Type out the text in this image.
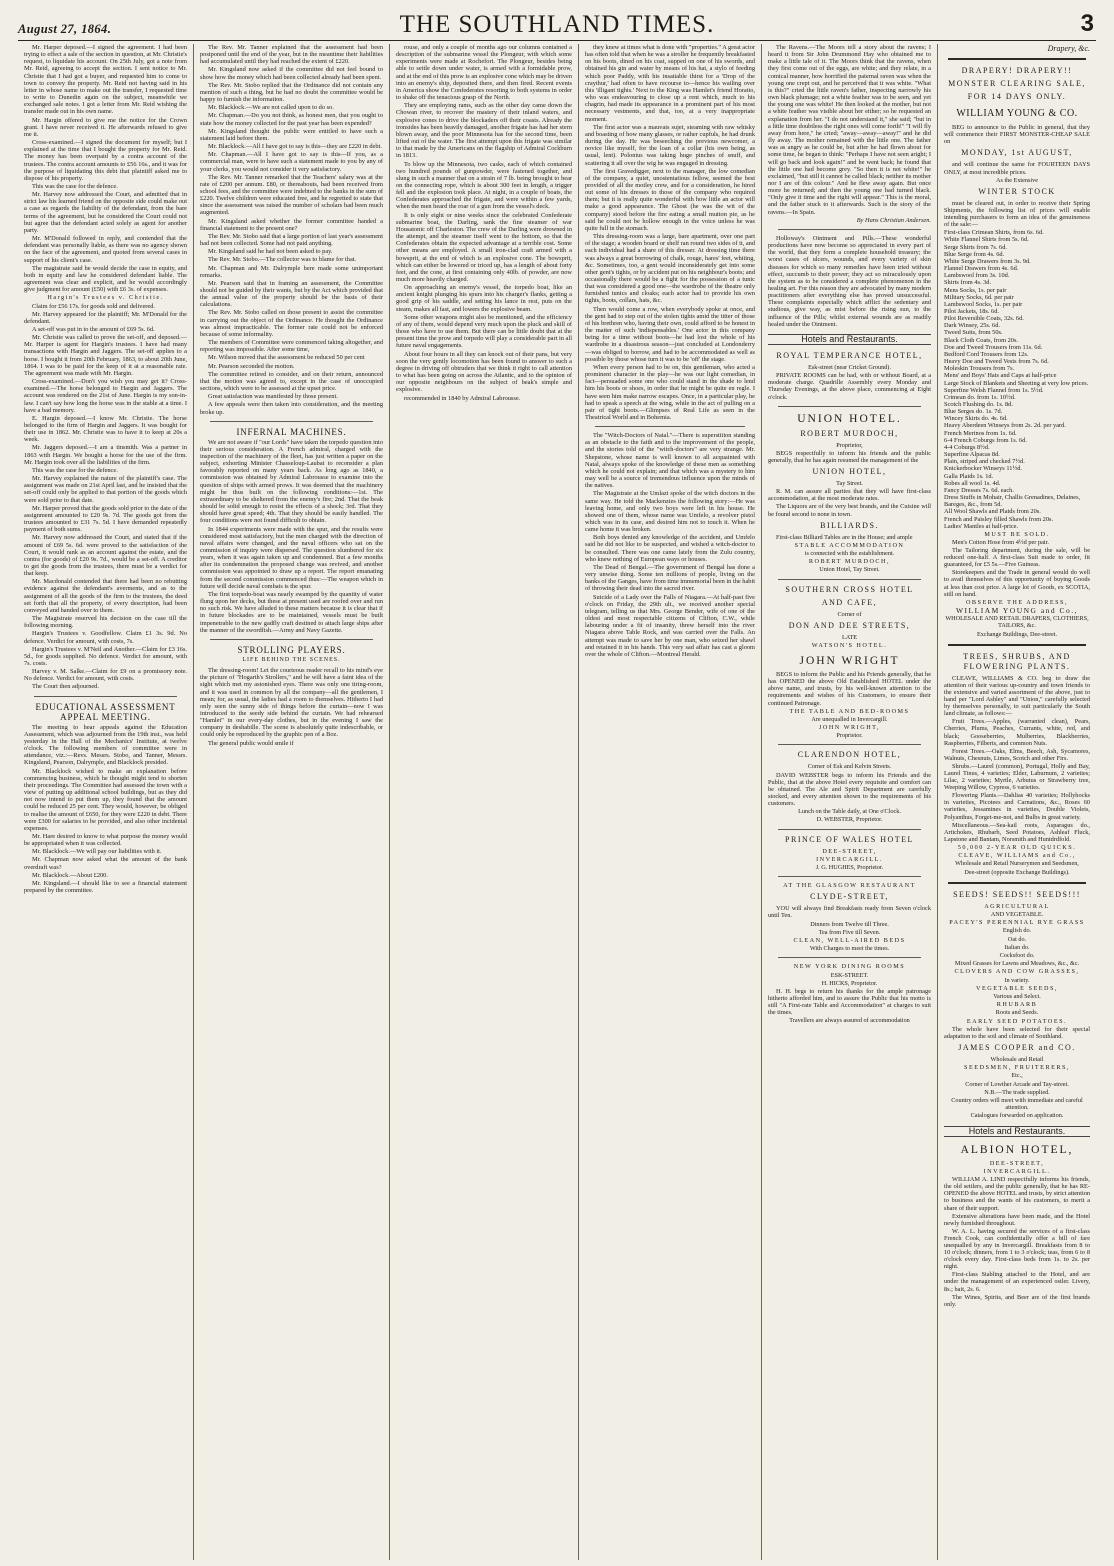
August 27, 1864.	THE SOUTHLAND TIMES.	3

Mr. Harper deposed.—I signed the agreement. I had been trying to effect a sale of the section in question, at Mr. Christie's request, to liquidate his account. On 25th July, got a note from Mr. Reid, agreeing to accept the section. I sent notice to Mr. Christie that I had got a buyer, and requested him to come to town to convey the property. Mr. Reid not having said in his letter in whose name to make out the transfer, I requested time to write to Dunedin again on the subject, meanwhile we exchanged sale notes. I got a letter from Mr. Reid wishing the transfer made out in his own name.

Mr. Hargin offered to give me the notice for the Crown grant. I have never received it. He afterwards refused to give me it.

Cross-examined.—I signed the document for myself; but I explained at the time that I bought the property for Mr. Reid. The money has been overpaid by a contra account of the trustees. The contra account amounts to £56 16s., and it was for the purpose of liquidating this debt that plaintiff asked me to dispose of his property.

This was the case for the defence.

Mr. Harvey now addressed the Court, and admitted that in strict law his learned friend on the opposite side could make out a case as regards the liability of the defendant, from the bare terms of the agreement, but he considered the Court could not but agree that the defendant acted solely as agent for another party.

Mr. M'Donald followed in reply, and contended that the defendant was personally liable, as there was no agency shown on the face of the agreement, and quoted from several cases in support of his client's case.

The magistrate said he would decide the case in equity, and both in equity and law he considered defendant liable. The agreement was clear and explicit, and he would accordingly give judgment for amount (£50) with £6 3s. of expenses.

Hargin's Trustees v. Christie.

Claim for £56 17s. for goods sold and delivered.

Mr. Harvey appeared for the plaintiff; Mr. M'Donald for the defendant.

A set-off was put in to the amount of £69 5s. 6d.

Mr. Christie was called to prove the set-off, and deposed.—Mr. Harper is agent for Hargin's trustees. I have had many transactions with Hargin and Jaggers. The set-off applies to a horse. I bought it from 20th February, 1863, to about 20th June, 1864. I was to be paid for the keep of it at a reasonable rate. The agreement was made with Mr. Hargin.

Cross-examined.—Don't you wish you may get it? Cross-examined.—The horse belonged to Hargin and Jaggers. The account was rendered on the 21st of June. Hargin is my son-in-law. I can't say how long the horse was in the stable at a time. I have a bad memory.

E. Hargin deposed.—I know Mr. Christie. The horse belonged to the firm of Hargin and Jaggers. It was bought for their use in 1862. Mr. Christie was to have it to keep at 20s a week.

Mr. Jaggers deposed.—I am a tinsmith. Was a partner in 1863 with Hargin. We bought a horse for the use of the firm. Mr. Hargin took over all the liabilities of the firm.

This was the case for the defence.

Mr. Harvey explained the nature of the plaintiff's case. The assignment was made on 21st April last, and he insisted that the set-off could only be applied to that portion of the goods which were sold prior to that date.

Mr. Harper proved that the goods sold prior to the date of the assignment amounted to £20 9s. 7d. The goods got from the trustees amounted to £31 7s. 5d. I have demanded repeatedly payment of both sums.

Mr. Harvey now addressed the Court, and stated that if the amount of £69 5s. 6d. were proved to the satisfaction of the Court, it would rank as an account against the estate, and the contra (for goods) of £20 9s. 7d., would be a set-off. A creditor to get the goods from the trustees, there must be a verdict for that keep.

Mr. Macdonald contended that there had been no rebutting evidence against the defendant's averments, and as to the assignment of all the goods of the firm to the trustees, the deed set forth that all the property, of every description, had been conveyed and handed over to them.

The Magistrate reserved his decision on the case till the following morning.

Hargin's Trustees v. Goodfellow. Claim £1 3s. 9d. No defence. Verdict for amount, with costs, 7s.

Hargin's Trustees v. M'Neil and Another.—Claim for £3 16s. 5d., for goods supplied. No defence. Verdict for amount, with 7s. costs.

Harvey v. M. Salke.—Claim for £9 on a promissory note. No defence. Verdict for amount, with costs.

The Court then adjourned.

EDUCATIONAL ASSESSMENT APPEAL MEETING.

The meeting to hear appeals against the Education Assessment, which was adjourned from the 19th inst., was held yesterday in the Hall of the Mechanics' Institute, at twelve o'clock. The following members of committee were in attendance, viz.:—Revs. Messrs. Stobo, and Tanner, Messrs. Kingsland, Pearson, Dalrymple, and Blacklock presided.

Mr. Blacklock wished to make an explanation before commencing business, which he thought might tend to shorten their proceedings. The Committee had assessed the town with a view of putting up additional school buildings, but as they did not now intend to put them up, they found that the amount could be reduced 25 per cent. They would, however, be obliged to realise the amount of £650, for they were £220 in debt. There were £300 for salaries to be provided, and also other incidental expenses.

Mr. Hare desired to know to what purpose the money would be appropriated when it was collected.

Mr. Blacklock.—We will pay our liabilities with it.

Mr. Chapman now asked what the amount of the bank overdraft was?

Mr. Blacklock.—About £200.

Mr. Kingsland.—I should like to see a financial statement prepared by the committee.

The Rev. Mr. Tanner explained that the assessment had been postponed until the end of the year, but in the meantime their liabilities had accumulated until they had reached the extent of £220.

Mr. Kingsland now asked if the committee did not feel bound to show how the money which had been collected already had been spent.

The Rev. Mr. Stobo replied that the Ordinance did not contain any mention of such a thing, but he had no doubt the committee would be happy to furnish the information.

Mr. Blacklock.—We are not called upon to do so.

Mr. Chapman.—Do you not think, as honest men, that you ought to state how the money collected for the past year has been expended?

Mr. Kingsland thought the public were entitled to have such a statement laid before them.

Mr. Blacklock.—All I have got to say is this—they are £220 in debt.

Mr. Chapman.—All I have got to say is this—If you, as a commercial man, were to have such a statement made to you by any of your clerks, you would not consider it very satisfactory.

The Rev. Mr. Tanner remarked that the Teachers' salary was at the rate of £200 per annum. £80, or thereabouts, had been received from school fees, and the committee were indebted to the banks in the sum of £220. Twelve children were educated free, and he regretted to state that since the assessment was raised the number of scholars had been much augmented.

Mr. Kingsland asked whether the former committee handed a financial statement to the present one?

The Rev. Mr. Stobo said that a large portion of last year's assessment had not been collected. Some had not paid anything.

Mr. Kingsland said he had not been asked to pay.

The Rev. Mr. Stobo.—The collector was to blame for that.

Mr. Chapman and Mr. Dalrymple here made some unimportant remarks.

Mr. Pearson said that in framing an assessment, the Committee should not be guided by their wants, but by the Act which provided that the annual value of the property should be the basis of their calculations.

The Rev. Mr. Stobo called on those present to assist the committee in carrying out the object of the Ordinance. He thought the Ordinance was almost impracticable. The former rate could not be enforced because of some informality.

The members of Committee were commenced taking altogether, and reporting was impossible. After some time,

Mr. Wilson moved that the assessment be reduced 50 per cent

Mr. Pearson seconded the motion.

The committee retired to consider, and on their return, announced that the motion was agreed to, except in the case of unoccupied sections, which were to be assessed at the upset price.

Great satisfaction was manifested by those present.

A few appeals were then taken into consideration, and the meeting broke up.

INFERNAL MACHINES.

We are not aware if "our Lords" have taken the torpedo question into their serious consideration. A French admiral, charged with the inspection of the machinery of the fleet, has just written a paper on the subject, exhorting Minister Chasseloup-Laubat to reconsider a plan favorably reported on many years back. As long ago as 1840, a commission was obtained by Admiral Labrousse to examine into the question of ships with armed prows. It was deemed that the machinery might be thus built on the following conditions:—1st. The extraordinary to be sheltered from the enemy's fire; 2nd. That the beak should be solid enough to resist the effects of a shock; 3rd. That they should have great speed; 4th. That they should be easily handled. The four conditions were not found difficult to obtain.

In 1844 experiments were made with the spur, and the results were considered most satisfactory, but the men charged with the direction of naval affairs were changed, and the naval officers who sat on the commission of inquiry were dispersed. The question slumbered for six years, when it was again taken up and condemned. But a few months after its condemnation the proposed change was revived, and another commission was appointed to draw up a report. The report emanating from the second commission commenced thus:—The weapon which in future will decide naval combats is the spur.

The first torpedo-boat was nearly swamped by the quantity of water flung upon her decks, but these at present used are roofed over and run no such risk. We have alluded to these matters because it is clear that if in future blockades are to be maintained, vessels must be built impenetrable to the new gadfly craft destined to attach large ships after the manner of the swordfish.—Army and Navy Gazette.

STROLLING PLAYERS.
LIFE BEHIND THE SCENES.

The dressing-room! Let the courteous reader recall to his mind's eye the picture of "Hogarth's Strollers," and he will have a faint idea of the sight which met my astonished eyes. There was only one tiring-room, and it was used in common by all the company—all the gentlemen, I mean; for, as usual, the ladies had a room to themselves. Hitherto I had only seen the sunny side of things before the curtain—now I was introduced to the seedy side behind the curtain. We had rehearsed "Hamlet" in our every-day clothes, but in the evening I saw the company in deshabille. The scene is absolutely quite indescribable, or could only be reproduced by the graphic pen of a Boz.

The general public would smile if

rouse, and only a couple of months ago our columns contained a description of the submarine vessel the Plongeur, with which some experiments were made at Rochefort. The Plongeur, besides being able to settle down under water, is armed with a formidable prow, and at the end of this prow is an explosive cone which may be driven into an enemy's ship, deposited there, and then fired. Recent events in America show the Confederates resorting to both systems in order to shake off the tenacious grasp of the North.

They are employing rams, such as the other day came down the Chowan river, to recover the mastery of their inland waters, and explosive cones to drive the blockaders off their coasts. Already the ironsides has been heavily damaged, another frigate has had her stern blown away, and the poor Minnesota has for the second time, been lifted out of the water. The first attempt upon this frigate was similar to that made by the Americans on the flagship of Admiral Cockburn in 1813.

To blow up the Minnesota, two casks, each of which contained two hundred pounds of gunpowder, were fastened together, and slung in such a manner that on a strain of 7 lb. being brought to bear on the connecting rope, which is about 300 feet in length, a trigger fell and the explosion took place. At night, in a couple of boats, the Confederates approached the frigate, and were within a few yards, when the men heard the roar of a gun from the vessel's deck.

It is only eight or nine weeks since the celebrated Confederate submarine boat, the Darling, sank the fine steamer of war Housatonic off Charleston. The crew of the Darling were drowned in the attempt, and the steamer itself went to the bottom, so that the Confederates obtain the expected advantage at a terrible cost. Some other means are employed. A small iron-clad craft armed with a bowsprit, at the end of which is an explosive cone. The bowsprit, which can either be lowered or triced up, has a length of about forty feet, and the cone, at first containing only 40lb. of powder, are now much more heavily charged.

On approaching an enemy's vessel, the torpedo boat, like an ancient knight plunging his spurs into his charger's flanks, getting a good grip of his saddle, and setting his lance in rest, puts on the steam, makes all fast, and lowers the explosive beam.

Some other weapons might also be mentioned, and the efficiency of any of them, would depend very much upon the pluck and skill of those who have to use them. But there can be little doubt that at the present time the prow and torpedo will play a considerable part in all future naval engagements.

About four hours in all they can knock out of their pans, but very soon the very gently locomotion has been found to answer to such a degree in driving off obtruders that we think it right to call attention to what has been going on across the Atlantic, and to the opinion of our opposite neighbours on the subject of beak's simple and explosive.

recommended in 1840 by Admiral Labrousse.

they knew at times what is done with "properties." A great actor has often told that when he was a stroller he frequently breakfasted on his boots, dined on his coat, supped on one of his swords, and obtained his gin and water by means of his hat, a stylo of feeding which poor Paddy, with his insatiable thirst for a 'Drop of the craythur,' had often to have recourse to—hence his wailing over this 'illigant tights.' Next to the King was Hamlet's friend Horatio, who was endeavouring to close up a rent which, much to his chagrin, had made its appearance in a prominent part of his most necessary vestments, and that, too, at a very inappropriate moment.

The first actor was a mauvais sujet, steaming with raw whisky and boasting of how many glasses, or rather cupfuls, he had drunk during the day. He was beseeching the previous newcomer, a novice like myself, for the loan of a collar (his own being, as usual, lent). Polonius was taking huge pinches of snuff, and scattering it all over the wig he was engaged in dressing.

The first Gravedigger, next to the manager, the low comedian of the company, a quiet, unostentatious fellow, seemed the best provided of all the motley crew, and for a consideration, he hired out some of his dresses to those of the company who required them; but it is really quite wonderful with how little an actor will make a good appearance. The Ghost (he was the wit of the company) stood before the fire eating a small mutton pie, as he said he could not be hollow enough in the voice unless he was quite full in the stomach.

This dressing-room was a large, bare apartment, over one part of the stage; a wooden board or shelf ran round two sides of it, and each individual had a share of this dresser. At dressing time there was always a great borrowing of chalk, rouge, hares' feet, whiting, &c. Sometimes, too, a gent would inconsiderately get into some other gent's tights, or by accident put on his neighbour's boots; and occasionally there would be a fight for the possession of a tunic that was considered a good one—the wardrobe of the theatre only furnished tunics and cloaks; each actor had to provide his own tights, boots, collars, hats, &c.

Then would come a row, when everybody spoke at once, and the gent had to step out of the stolen tights amid the titter of those of his brethren who, having their own, could afford to be honest in the matter of such 'indispensables.' One actor in this company being for a time without boots—he had lost the whole of his wardrobe in a disastrous season—just concluded at Londonderry—was obliged to borrow, and had to be accommodated as well as possible by those whose turn it was to be 'off' the stage.

When every person had to be on, this gentleman, who acted a prominent character in the play—he was our light comedian, in fact—persuaded some one who could stand in the shade to lend him his boots or shoes, in order that he might be quite en regle. I have seen him make narrow escapes. Once, in a particular play, he had to speak a speech at the wing, while in the act of pulling on a pair of tight boots.—Glimpses of Real Life as seen in the Theatrical World and in Bohemia.

The "Witch-Doctors of Natal."—There is superstition standing as an obstacle to the faith and to the improvement of the people, and the stories told of the "witch-doctors" are very strange. Mr. Shepstone, whose name is well known to all acquainted with Natal, always spoke of the knowledge of these men as something which he could not explain; and that which was a mystery to him may well be a source of tremendous influence upon the minds of the natives.

The Magistrate at the Umlazi spoke of the witch doctors in the same way. He told the Mackenzies the following story:—He was leaving home, and only two boys were left in his house. He showed one of them, whose name was Umfelo, a revolver pistol which was in its case, and desired him not to touch it. When he came home it was broken.

Both boys denied any knowledge of the accident, and Umfelo said he did not like to be suspected, and wished a witch-doctor to be consulted. There was one came lately from the Zulu country, who knew nothing of European ways or houses.

The Dead of Bengal.—The government of Bengal has done a very unwise thing. Some ten millions of people, living on the banks of the Ganges, have from time immemorial been in the habit of throwing their dead into the sacred river.

Suicide of a Lady over the Falls of Niagara.—At half-past five o'clock on Friday, the 29th ult., we received another special telegram, telling us that Mrs. George Bender, wife of one of the oldest and most respectable citizens of Clifton, C.W., while labouring under a fit of insanity, threw herself into the river Niagara above Table Rock, and was carried over the Falls. An attempt was made to save her by one man, who seized her shawl and retained it in his hands. This very sad affair has cast a gloom over the whole of Clifton.—Montreal Herald.

The Ravens.—The Moors tell a story about the ravens; I heard it from Sir John Drummond Hay who obtained me to make a little tale of it. The Moors think that the ravens, when they first come out of the eggs, are white; and they relate, in a comical manner, how horrified the paternal raven was when the young one crept out, and he perceived that it was white. "What is this?" cried the little raven's father, inspecting narrowly his own black plumage; not a white feather was to be seen, and yet the young one was white! He then looked at the mother, but not a white feather was visible about her either; so he requested an explanation from her. "I do not understand it," she said; "but in a little time doubtless the right ones will come forth!" "I will fly away from here," he cried; "away—away—away!" and he did fly away. The mother remained with the little one. The father was as angry as he could be, but after he had flown about for some time, he began to think: "Perhaps I have not seen aright; I will go back and look again!" and he went back; he found that the little one had become grey. "So then it is not white!" he exclaimed, "but still it cannot be called black; neither its mother nor I are of this colour." And he flew away again. But once more he returned; and then the young one had turned black. "Only give it time and the right will appear." This is the moral, and the father stuck to it afterwards. Such is the story of the ravens.—In Spain.

By Hans Christian Andersen.

Holloway's Ointment and Pills.—These wonderful productions have now become so appreciated in every part of the world, that they form a complete household treasury; the worst cases of ulcers, wounds, and every variety of skin diseases for which so many remedies have been tried without effect, succumb to their power; they act so miraculously upon the system as to be considered a complete phenomenon in the healing art. For this reason they are advocated by many modern practitioners after everything else has proved unsuccessful. These complaints especially which afflict the sedentary and studious, give way, as mist before the rising sun, to the influence of the Pills; whilst external wounds are as readily healed under the Ointment.

Hotels and Restaurants.
ROYAL TEMPERANCE HOTEL,
Esk-street (near Cricket Ground).

PRIVATE ROOMS can be had, with or without Board, at a moderate charge. Quadrille Assembly every Monday and Thursday Evenings, at the above place, commencing at Eight o'clock.

UNION HOTEL.
ROBERT MURDOCH,
Proprietor,

BEGS respectfully to inform his friends and the public generally, that he has again resumed the management of the

UNION HOTEL,
Tay Street.

R. M. can assure all parties that they will have first-class accommodation, at the most moderate rates.

The Liquors are of the very best brands, and the Cuisine will be found second to none in town.

BILLIARDS.

First-class Billiard Tables are in the House; and ample

STABLE ACCOMMODATION
is connected with the establishment.
ROBERT MURDOCH,
Union Hotel, Tay Street.
SOUTHERN CROSS HOTEL
AND CAFE,
Corner of
DON AND DEE STREETS,
LATE
WATSON'S HOTEL.
JOHN WRIGHT

BEGS to inform the Public and his Friends generally, that he has OPENED the above Old Established HOTEL under the above name, and trusts, by his well-known attention to the requirements and wishes of his Customers, to ensure their continued Patronage.

THE TABLE AND BED-ROOMS
Are unequalled in Invercargill.
JOHN WRIGHT,
Proprietor.
CLARENDON HOTEL,
Corner of Esk and Kelvin Streets.

DAVID WEBSTER begs to inform his Friends and the Public, that at the above Hotel every requisite and comfort can be obtained. The Ale and Spirit Department are carefully stocked, and every attention shown to the requirements of his customers.

Lunch on the Table daily, at One o'Clock.
D. WEBSTER, Proprietor.
PRINCE OF WALES HOTEL
DEE-STREET,
INVERCARGILL.
J. G. HUGHES, Proprietor.
AT THE GLASGOW RESTAURANT
CLYDE-STREET,

YOU will always find Breakfasts ready from Seven o'clock until Ten.

Dinners from Twelve till Three.
Tea from Five till Seven.
CLEAN, WELL-AIRED BEDS
With Charges to meet the times.
NEW YORK DINING ROOMS
ESK-STREET.
H. HICKS, Proprietor.

H. H. begs to return his thanks for the ample patronage hitherto afforded him, and to assure the Public that his motto is still "A First-rate Table and Accommodation" at charges to suit the times.

Travellers are always assured of accommodation
Drapery, &c.
DRAPERY! DRAPERY!!
MONSTER CLEARING SALE,
FOR 14 DAYS ONLY.
WILLIAM YOUNG & CO.

BEG to announce to the Public in general, that they will commence their FIRST MONSTER-CHEAP SALE on

MONDAY, 1st AUGUST,

and will continue the same for FOURTEEN DAYS ONLY, at most incredible prices.

As the Extensive
WINTER STOCK

must be cleared out, in order to receive their Spring Shipments, the following list of prices will enable intending purchasers to form an idea of the genuineness of the sale:—

First-class Crimean Shirts, from 6s. 6d.
White Flannel Shirts from 5s. 6d.
Serge Shirts from 7s. 6d.
Blue Serge from 4s. 6d.
White Serge Drawers from 3s. 9d.
Flannel Drawers from 4s. 6d.
Lambswool from 3s. 10d.
Shirts from 4s. 3d.
Mens Socks, 1s. per pair
Military Socks, 6d. per pair
Lambswool Socks, 1s. per pair
Pilot Jackets, 18s. 6d.
Pilot Reversible Coats, 32s. 6d.
Dark Winsey, 25s. 6d.
Tweed Suits, from 50s.
Black Cloth Coats, from 20s.
Doe and Tweed Trousers from 11s. 6d.
Bedford Cord Trousers from 12s.
Heavy Doe and Tweed Vests from 7s. 6d.
Moleskin Trousers from 7s.
Mens' and Boys' Hats and Caps at half-price
Large Stock of Blankets and Sheeting at very low prices.
Superfine Welsh Flannel from 1s. 5½d.
Crimean do. from 1s. 10½d.
Scotch Flushing do. 1s. 8d.
Blue Serges do. 1s. 7d.
Wincey Skirts do. 4s. 6d.
Heavy Aberdeen Winseys from 2s. 2d. per yard.
French Merinos from 1s. 6d.
6-4 French Coburgs from 1s. 6d.
4-4 Coburgs 8½d.
Superfine Alpacas 8d.
Plain, striped and checked 7½d.
Knickerbocker Winseys 11½d.
Galla Plaids 1s. 1d.
Robes all wool 1s. 4d.
Fancy Dresses 7s. 6d. each.
Dress Stuffs in Mohair, Challis Grenadines, Delaines, Bareges, &c., from 5d.
All Wool Shawls and Plaids from 20s.
French and Paisley filled Shawls from 20s.
Ladies' Mantles at half-price.
MUST BE SOLD.

Men's Cotton Hose from 4½d per pair.

The Tailoring department, during the sale, will be reduced one-half. A first-class Suit made to order, fit guaranteed, for £5 5s.—Five Guineas.

Storekeepers and the Trade in general would do well to avail themselves of this opportunity of buying Goods at less than cost price. A large lot of Goods, ex SCOTIA, still on hand.

OBSERVE THE ADDRESS,
WILLIAM YOUNG and Co.,
WHOLESALE AND RETAIL DRAPERS, CLOTHIERS, TAILORS, &c.
Exchange Buildings, Dee-street.
TREES, SHRUBS, AND FLOWERING PLANTS.

CLEAVE, WILLIAMS & CO. beg to draw the attention of their various up-country and town friends to the extensive and varied assortment of the above, just to hand per "Lord Ashley" and "Union," carefully selected by themselves personally, to suit particularly the South land climate, as follows:—

Fruit Trees.—Apples, (warranted clean), Pears, Cherries, Plums, Peaches, Currants, white, red, and black; Gooseberries, Mulberries, Blackberries, Raspberries, Filberts, and common Nuts.

Forest Trees.—Oaks, Elms, Beech, Ash, Sycamores, Walnuts, Chesnuts, Limes, Scotch and other Firs.

Shrubs.—Laurel (common), Portugal, Holly and Bay, Laurel Tinus, 4 varieties; Elder, Laburnum, 2 varieties; Lilac, 2 varieties; Myrtle, Arbutus or Strawberry tree, Weeping Willow, Cypress, 6 varieties.

Flowering Plants.—Dahlias 40 varieties; Hollyhocks in varieties, Picotees and Carnations, &c., Roses 60 varieties, Jessamines in varieties, Double Violets, Polyanthus, Forget-me-not, and Bulbs in great variety.

Miscellaneous.—Sea-kail roots, Asparagus do., Artichokes, Rhubarb, Seed Potatoes, Ashleaf Fluck, Lapstone and Bantam, Norsmith and Huntdrdfold.

50,000 2-YEAR OLD QUICKS.
CLEAVE, WILLIAMS and Co.,
Wholesale and Retail Nurserymen and Seedsmen,
Dee-street (opposite Exchange Buildings).
SEEDS! SEEDS!! SEEDS!!!
AGRICULTURAL
AND VEGETABLE.
PACEY'S PERENNIAL RYE GRASS
English do.
Oat do.
Italian do.
Cocksfoot do.
Mixed Grasses for Lawns and Meadows, &c., &c.
CLOVERS AND COW GRASSES,
In variety.
VEGETABLE SEEDS,
Various and Select.
RHUBARB
Roots and Seeds.
EARLY SEED POTATOES.

The whole have been selected for their special adaptation to the soil and climate of Southland.

JAMES COOPER and CO.
Wholesale and Retail
SEEDSMEN, FRUITERERS,
Etc.,
Corner of Lowther Arcade and Tay-street.
N.B.—The trade supplied.
Country orders will meet with immediate and careful attention.
Catalogues forwarded on application.
Hotels and Restaurants.
ALBION HOTEL,
DEE-STREET,
INVERCARGILL.

WILLIAM A. LIND respectfully informs his friends, the old settlers, and the public generally, that he has RE-OPENED the above HOTEL and trusts, by strict attention to business and the wants of his customers, to merit a share of their support.

Extensive alterations have been made, and the Hotel newly furnished throughout.

W. A. L. having secured the services of a first-class French Cook, can confidentially offer a bill of fare unequalled by any in Invercargill. Breakfasts from 8 to 10 o'clock; dinners, from 1 to 3 o'clock; teas, from 6 to 8 o'clock every day. First-class beds from 1s. to 2s. per night.

First-class Stabling attached to the Hotel, and are under the management of an experienced ostler. Livery, 8s.; bait, 2s. 6.

The Wines, Spirits, and Beer are of the first brands only.
